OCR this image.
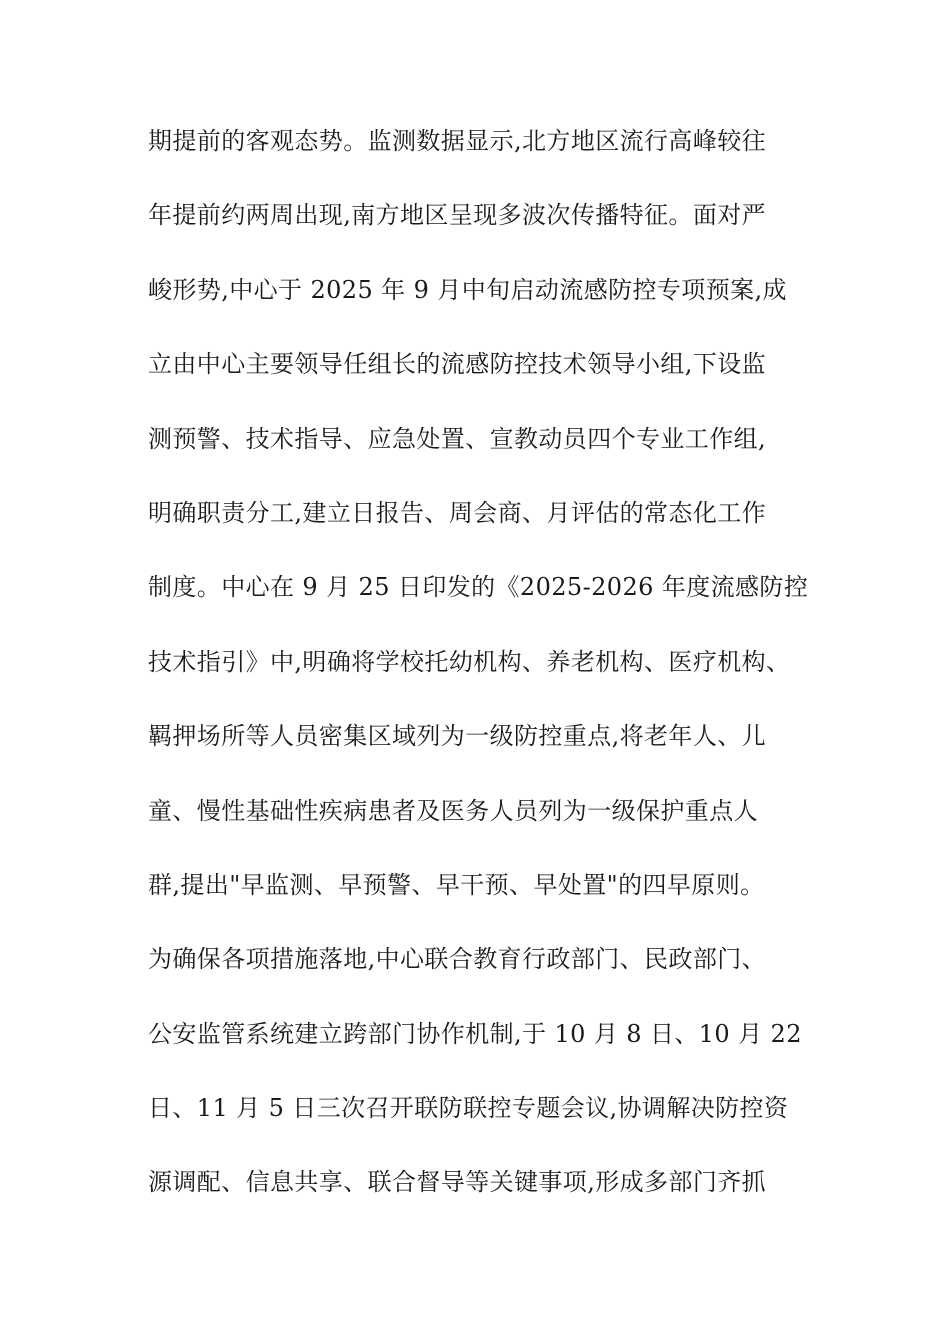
期提前的客观态势。监测数据显示,北方地区流行高峰较往
年提前约两周出现,南方地区呈现多波次传播特征。面对严
峻形势,中心于 2025 年 9 月中旬启动流感防控专项预案,成
立由中心主要领导任组长的流感防控技术领导小组,下设监
测预警、技术指导、应急处置、宣教动员四个专业工作组,
明确职责分工,建立日报告、周会商、月评估的常态化工作
制度。中心在 9 月 25 日印发的《2025-2026 年度流感防控
技术指引》中,明确将学校托幼机构、养老机构、医疗机构、
羁押场所等人员密集区域列为一级防控重点,将老年人、儿
童、慢性基础性疾病患者及医务人员列为一级保护重点人
群,提出"早监测、早预警、早干预、早处置"的四早原则。
为确保各项措施落地,中心联合教育行政部门、民政部门、
公安监管系统建立跨部门协作机制,于 10 月 8 日、10 月 22
日、11 月 5 日三次召开联防联控专题会议,协调解决防控资
源调配、信息共享、联合督导等关键事项,形成多部门齐抓
